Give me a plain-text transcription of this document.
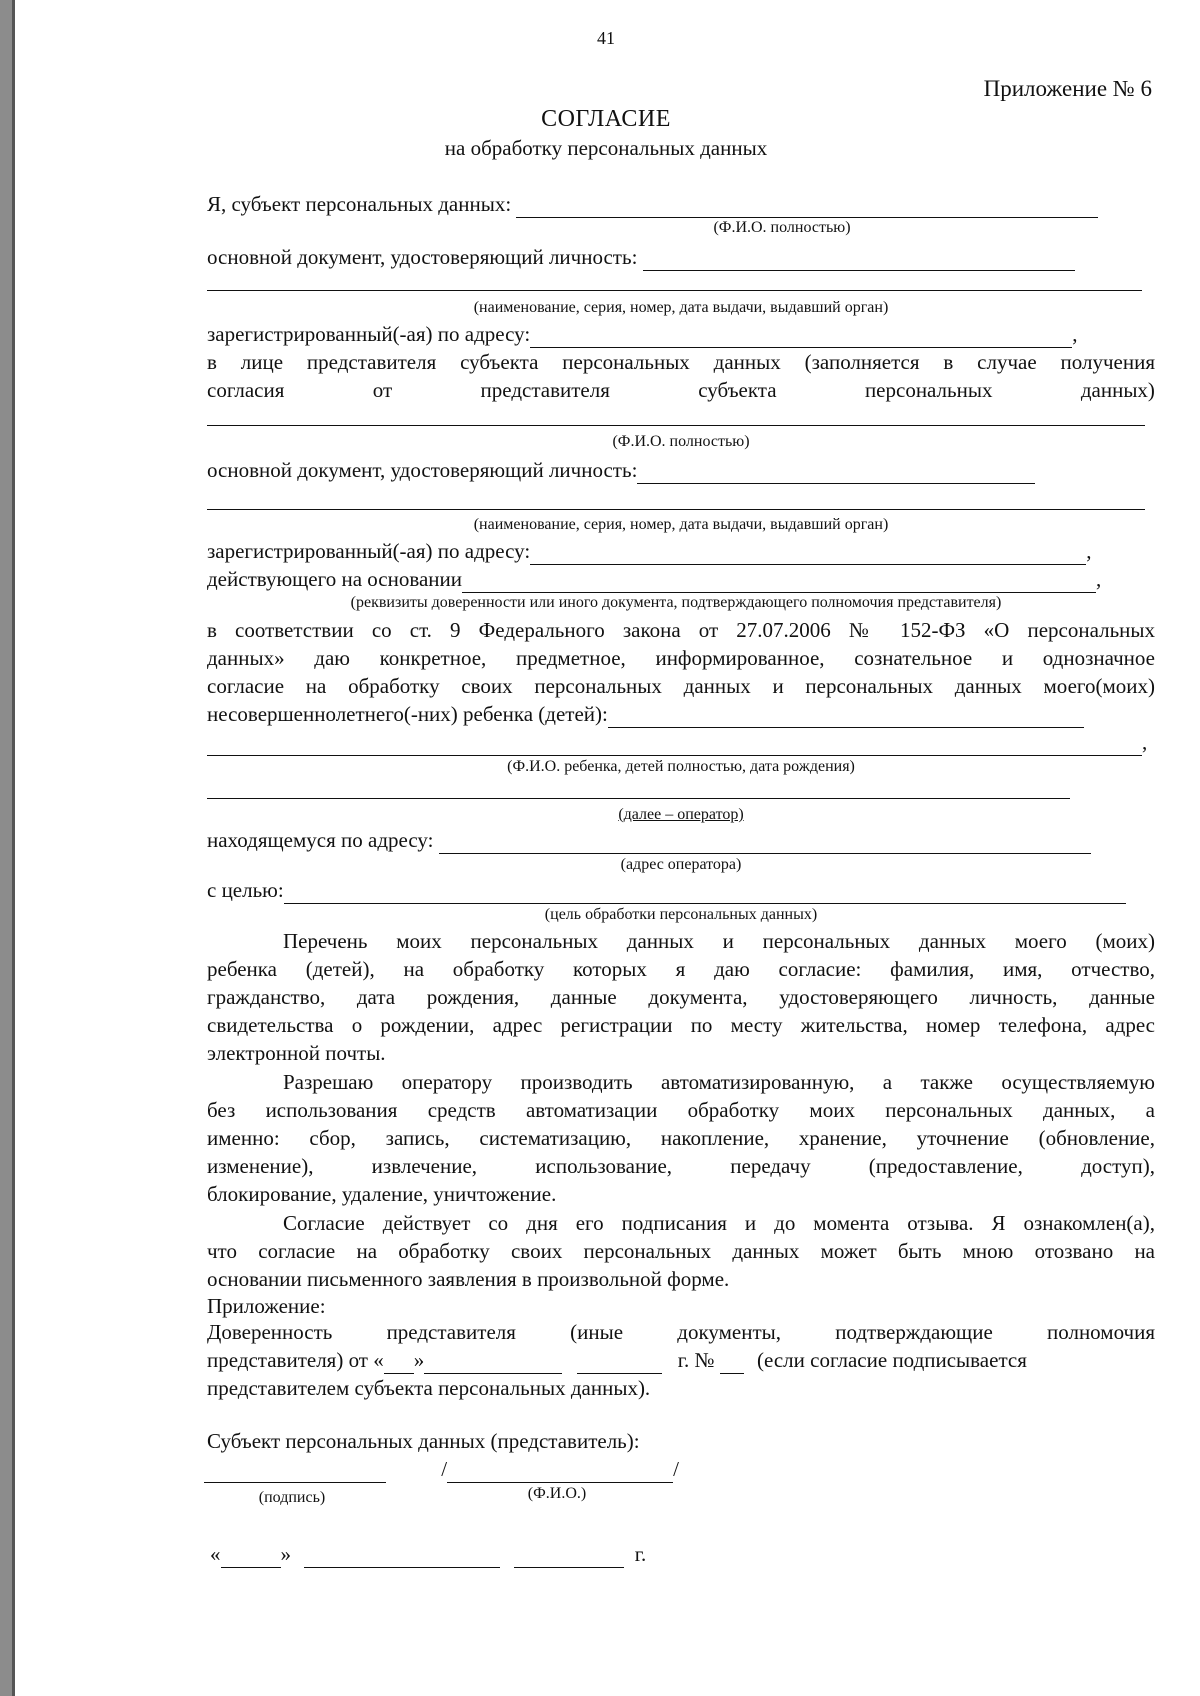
41
Приложение № 6
СОГЛАСИЕ
на обработку персональных данных
Я, субъект персональных данных:
(Ф.И.О. полностью)
основной документ, удостоверяющий личность:
(наименование, серия, номер, дата выдачи, выдавший орган)
зарегистрированный(-ая) по адресу:	,
в лице представителя субъекта персональных данных (заполняется в случае получения
согласия	от	представителя	субъекта	персональных	данных)
(Ф.И.О. полностью)
основной документ, удостоверяющий личность:
(наименование, серия, номер, дата выдачи, выдавший орган)
зарегистрированный(-ая) по адресу:	,
действующего на основании	,
(реквизиты доверенности или иного документа, подтверждающего полномочия представителя)
в соответствии со ст. 9 Федерального закона от 27.07.2006 № 152-ФЗ «О персональных
данных» даю конкретное, предметное, информированное, сознательное и однозначное
согласие на обработку своих персональных данных и персональных данных моего(моих)
несовершеннолетнего(-них) ребенка (детей):
,
(Ф.И.О. ребенка, детей полностью, дата рождения)
(далее – оператор)
находящемуся по адресу:
(адрес оператора)
с целью:
(цель обработки персональных данных)
Перечень моих персональных данных и персональных данных моего (моих)
ребенка (детей), на обработку которых я даю согласие: фамилия, имя, отчество,
гражданство, дата рождения, данные документа, удостоверяющего личность, данные
свидетельства о рождении, адрес регистрации по месту жительства, номер телефона, адрес
электронной почты.
Разрешаю оператору производить автоматизированную, а также осуществляемую
без использования средств автоматизации обработку моих персональных данных, а
именно: сбор, запись, систематизацию, накопление, хранение, уточнение (обновление,
изменение), извлечение, использование, передачу (предоставление, доступ),
блокирование, удаление, уничтожение.
Согласие действует со дня его подписания и до момента отзыва. Я ознакомлен(а),
что согласие на обработку своих персональных данных может быть мною отозвано на
основании письменного заявления в произвольной форме.
Приложение:
Доверенность представителя (иные документы, подтверждающие полномочия
представителя) от « »	г. № (если согласие подписывается
представителем субъекта персональных данных).
Субъект персональных данных (представитель):
/	/
(подпись)	(Ф.И.О.)
«	»	г.
